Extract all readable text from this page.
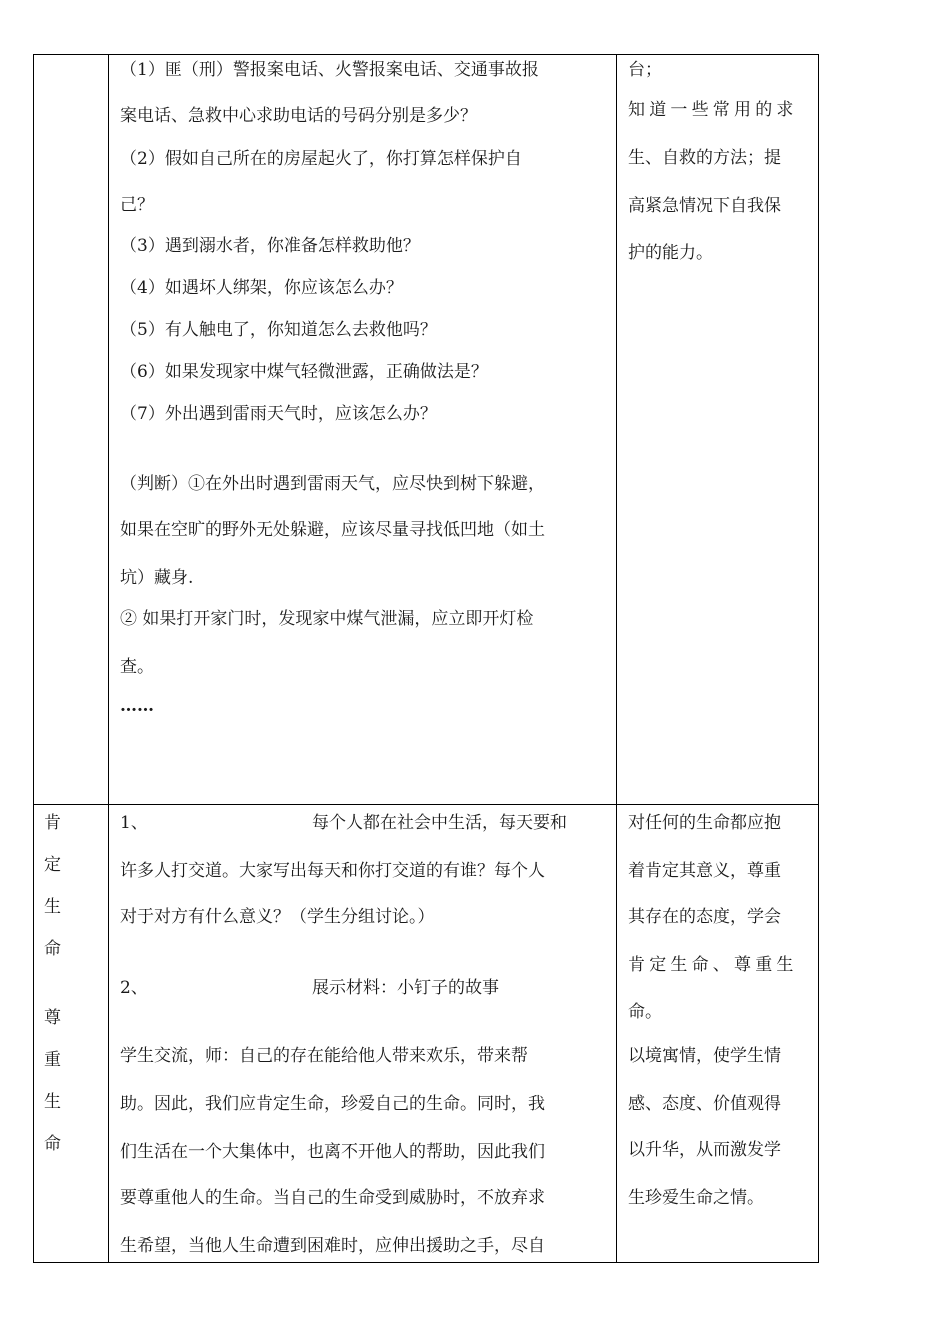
（1）匪（刑）警报案电话、火警报案电话、交通事故报
案电话、急救中心求助电话的号码分别是多少？
（2）假如自己所在的房屋起火了，你打算怎样保护自
己？
（3）遇到溺水者，你准备怎样救助他？
（4）如遇坏人绑架，你应该怎么办？
（5）有人触电了，你知道怎么去救他吗？
（6）如果发现家中煤气轻微泄露，正确做法是？
（7）外出遇到雷雨天气时，应该怎么办？
（判断）①在外出时遇到雷雨天气，应尽快到树下躲避，
如果在空旷的野外无处躲避，应该尽量寻找低凹地（如土
坑）藏身.
② 如果打开家门时，发现家中煤气泄漏，应立即开灯检
查。
……
台；
知道一些常用的求
生、自救的方法；提
高紧急情况下自我保
护的能力。
肯
定
生
命
尊
重
生
命
1、	每个人都在社会中生活，每天要和
许多人打交道。大家写出每天和你打交道的有谁？每个人
对于对方有什么意义？（学生分组讨论。）
2、	展示材料：小钉子的故事
学生交流，师：自己的存在能给他人带来欢乐，带来帮
助。因此，我们应肯定生命，珍爱自己的生命。同时，我
们生活在一个大集体中，也离不开他人的帮助，因此我们
要尊重他人的生命。当自己的生命受到威胁时，不放弃求
生希望，当他人生命遭到困难时，应伸出援助之手，尽自
对任何的生命都应抱
着肯定其意义，尊重
其存在的态度，学会
肯定生命、尊重生
命。
以境寓情，使学生情
感、态度、价值观得
以升华，从而激发学
生珍爱生命之情。
